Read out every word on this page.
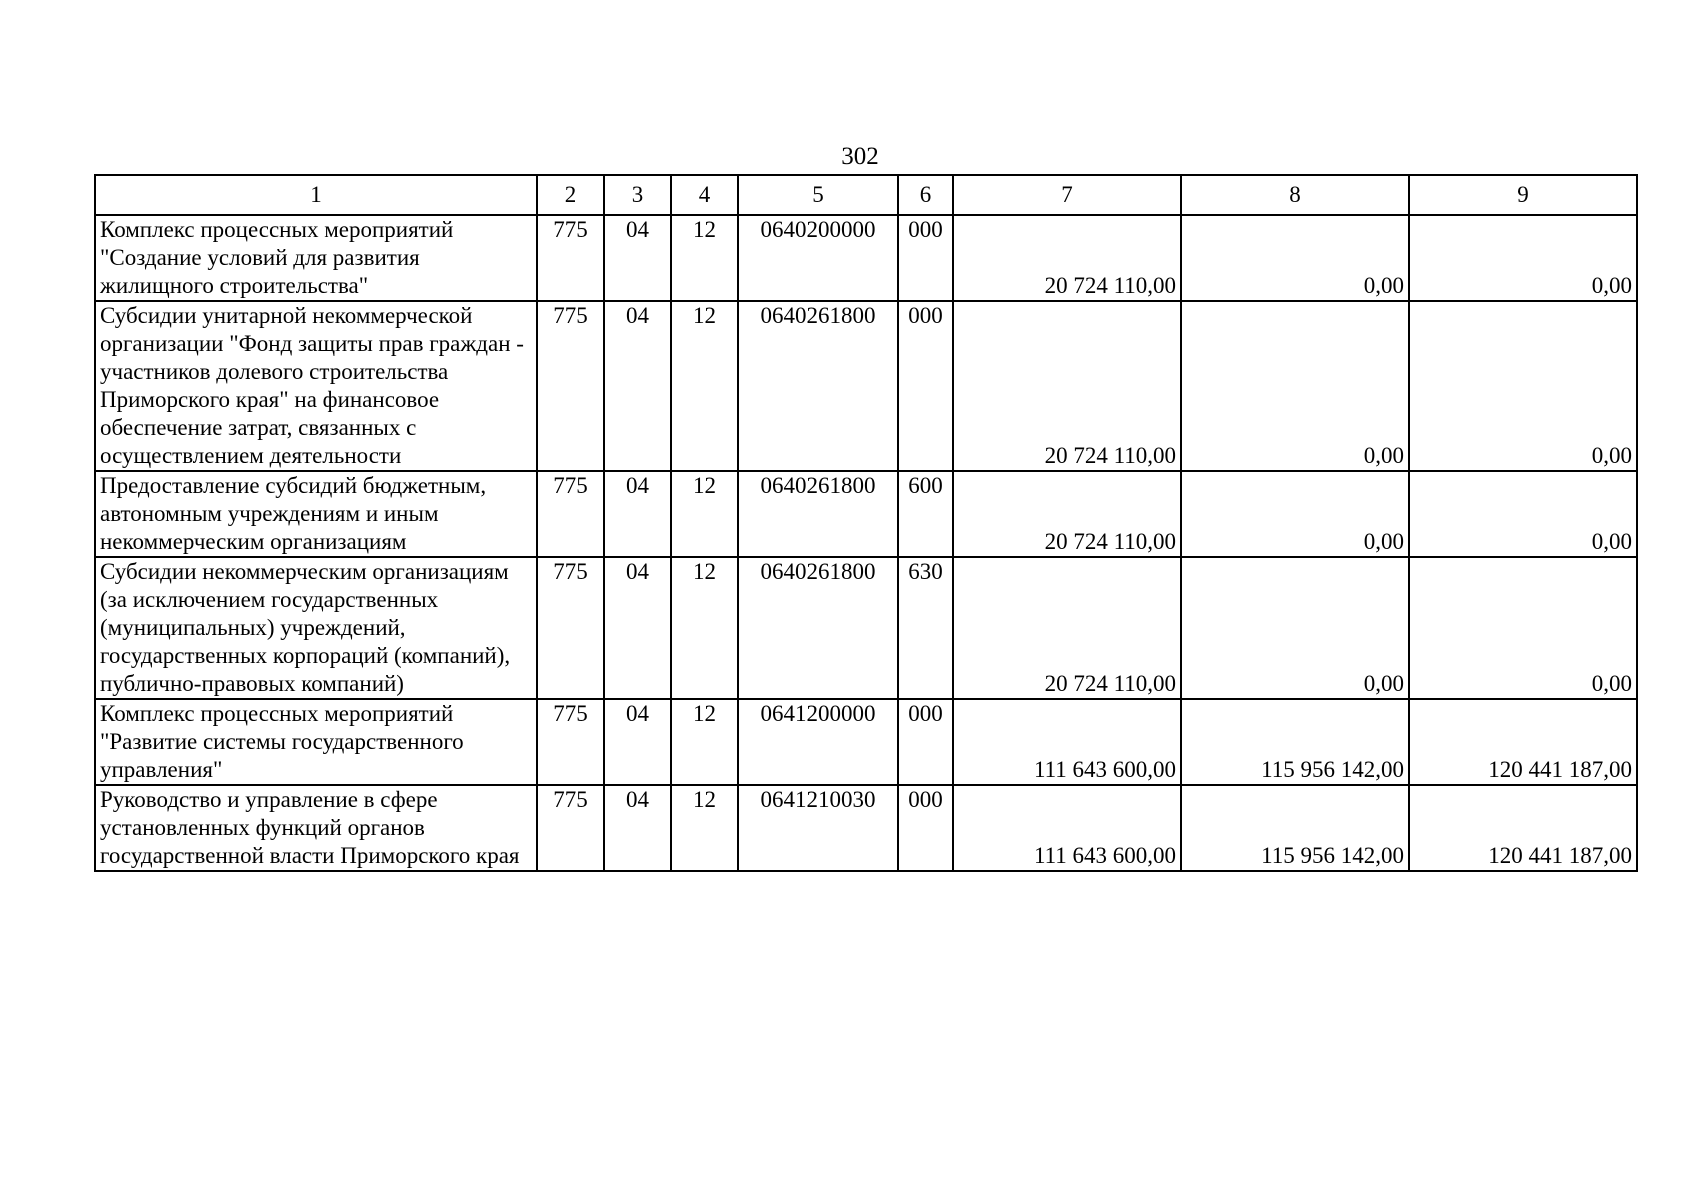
302
1	2	3	4	5	6	7	8	9
Комплекс процессных мероприятий "Создание условий для развития жилищного строительства"	775	04	12	0640200000	000	20 724 110,00	0,00	0,00
Субсидии унитарной некоммерческой организации "Фонд защиты прав граждан - участников долевого строительства Приморского края" на финансовое обеспечение затрат, связанных с осуществлением деятельности	775	04	12	0640261800	000	20 724 110,00	0,00	0,00
Предоставление субсидий бюджетным, автономным учреждениям и иным некоммерческим организациям	775	04	12	0640261800	600	20 724 110,00	0,00	0,00
Субсидии некоммерческим организациям (за исключением государственных (муниципальных) учреждений, государственных корпораций (компаний), публично-правовых компаний)	775	04	12	0640261800	630	20 724 110,00	0,00	0,00
Комплекс процессных мероприятий "Развитие системы государственного управления"	775	04	12	0641200000	000	111 643 600,00	115 956 142,00	120 441 187,00
Руководство и управление в сфере установленных функций органов государственной власти Приморского края	775	04	12	0641210030	000	111 643 600,00	115 956 142,00	120 441 187,00
